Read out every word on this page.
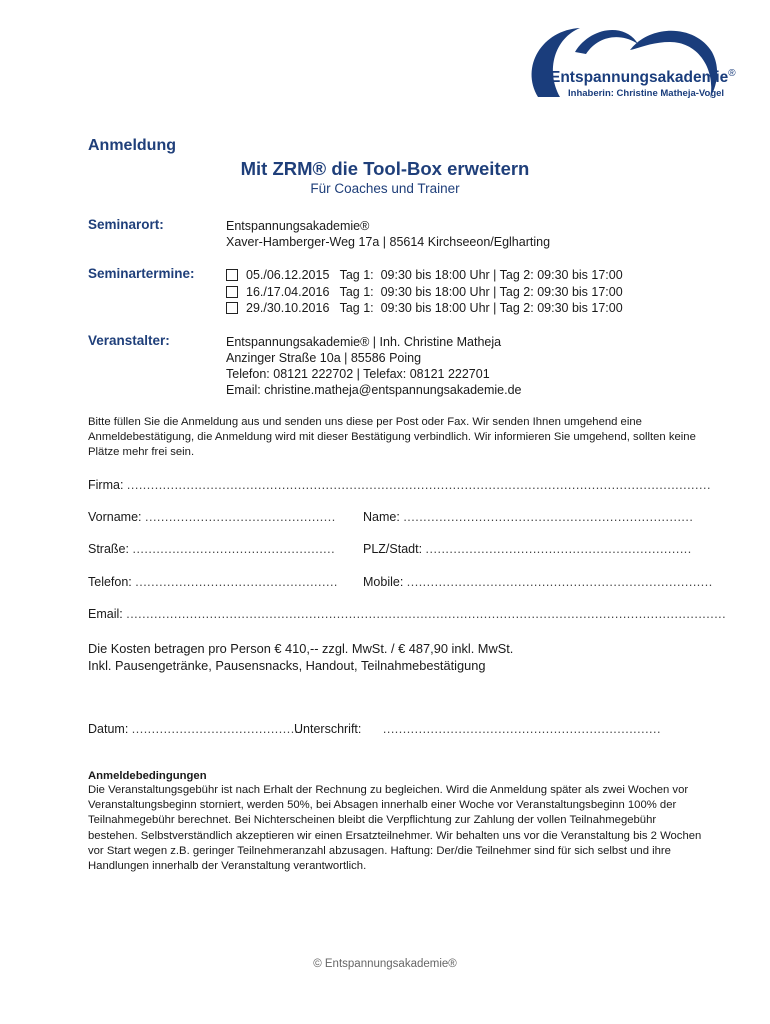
Entspannungsakademie®
Inhaberin: Christine Matheja-Vogel
Anmeldung
Mit ZRM® die Tool-Box erweitern
Für Coaches und Trainer
Seminarort:	Entspannungsakademie®
Xaver-Hamberger-Weg 17a | 85614 Kirchseeon/Eglharting
Seminartermine:	05./06.12.2015   Tag 1:  09:30 bis 18:00 Uhr | Tag 2: 09:30 bis 17:00
16./17.04.2016   Tag 1:  09:30 bis 18:00 Uhr | Tag 2: 09:30 bis 17:00
29./30.10.2016   Tag 1:  09:30 bis 18:00 Uhr | Tag 2: 09:30 bis 17:00
Veranstalter:	Entspannungsakademie® | Inh. Christine Matheja
Anzinger Straße 10a | 85586 Poing
Telefon: 08121 222702 | Telefax: 08121 222701
Email: christine.matheja@entspannungsakademie.de
Bitte füllen Sie die Anmeldung aus und senden uns diese per Post oder Fax. Wir senden Ihnen umgehend eine Anmeldebestätigung, die Anmeldung wird mit dieser Bestätigung verbindlich. Wir informieren Sie umgehend, sollten keine Plätze mehr frei sein.
Firma: ...................................................................................................................................................
Vorname: ................................................ Name: .........................................................................
Straße: ................................................... PLZ/Stadt: ...................................................................
Telefon: ................................................... Mobile: .............................................................................
Email: .......................................................................................................................................................
Die Kosten betragen pro Person € 410,-- zzgl. MwSt. / € 487,90 inkl. MwSt.
Inkl. Pausengetränke, Pausensnacks, Handout, Teilnahmebestätigung
Datum: ...........................................
Unterschrift: ......................................................................
Anmeldebedingungen
Die Veranstaltungsgebühr ist nach Erhalt der Rechnung zu begleichen. Wird die Anmeldung später als zwei Wochen vor Veranstaltungsbeginn storniert, werden 50%, bei Absagen innerhalb einer Woche vor Veranstaltungsbeginn 100% der Teilnahmegebühr berechnet. Bei Nichterscheinen bleibt die Verpflichtung zur Zahlung der vollen Teilnahmegebühr bestehen. Selbstverständlich akzeptieren wir einen Ersatzteilnehmer. Wir behalten uns vor die Veranstaltung bis 2 Wochen vor Start wegen z.B. geringer Teilnehmeranzahl abzusagen. Haftung: Der/die Teilnehmer sind für sich selbst und ihre Handlungen innerhalb der Veranstaltung verantwortlich.
© Entspannungsakademie®
